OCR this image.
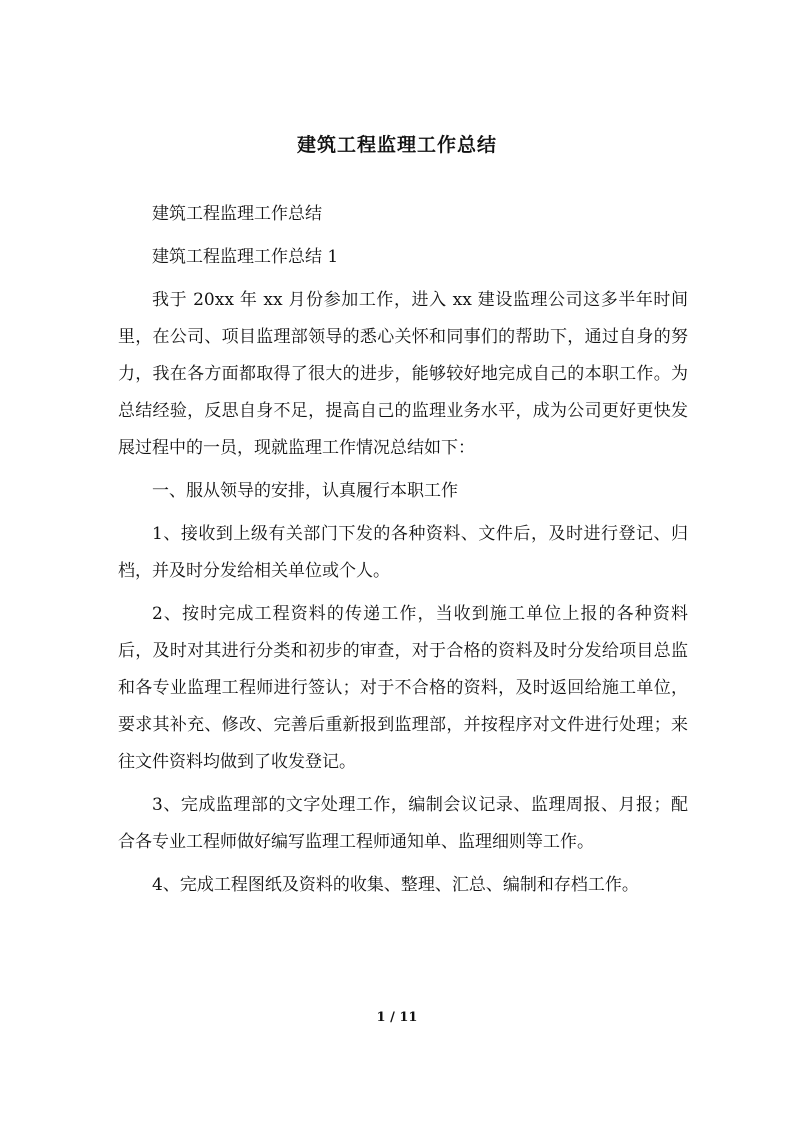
建筑工程监理工作总结

建筑工程监理工作总结

建筑工程监理工作总结 1

我于 20xx 年 xx 月份参加工作，进入 xx 建设监理公司这多半年时间里，在公司、项目监理部领导的悉心关怀和同事们的帮助下，通过自身的努力，我在各方面都取得了很大的进步，能够较好地完成自己的本职工作。为总结经验，反思自身不足，提高自己的监理业务水平，成为公司更好更快发展过程中的一员，现就监理工作情况总结如下：

一、服从领导的安排，认真履行本职工作

1、接收到上级有关部门下发的各种资料、文件后，及时进行登记、归档，并及时分发给相关单位或个人。

2、按时完成工程资料的传递工作，当收到施工单位上报的各种资料后，及时对其进行分类和初步的审查，对于合格的资料及时分发给项目总监和各专业监理工程师进行签认；对于不合格的资料，及时返回给施工单位，要求其补充、修改、完善后重新报到监理部，并按程序对文件进行处理；来往文件资料均做到了收发登记。

3、完成监理部的文字处理工作，编制会议记录、监理周报、月报；配合各专业工程师做好编写监理工程师通知单、监理细则等工作。

4、完成工程图纸及资料的收集、整理、汇总、编制和存档工作。

1 / 11
